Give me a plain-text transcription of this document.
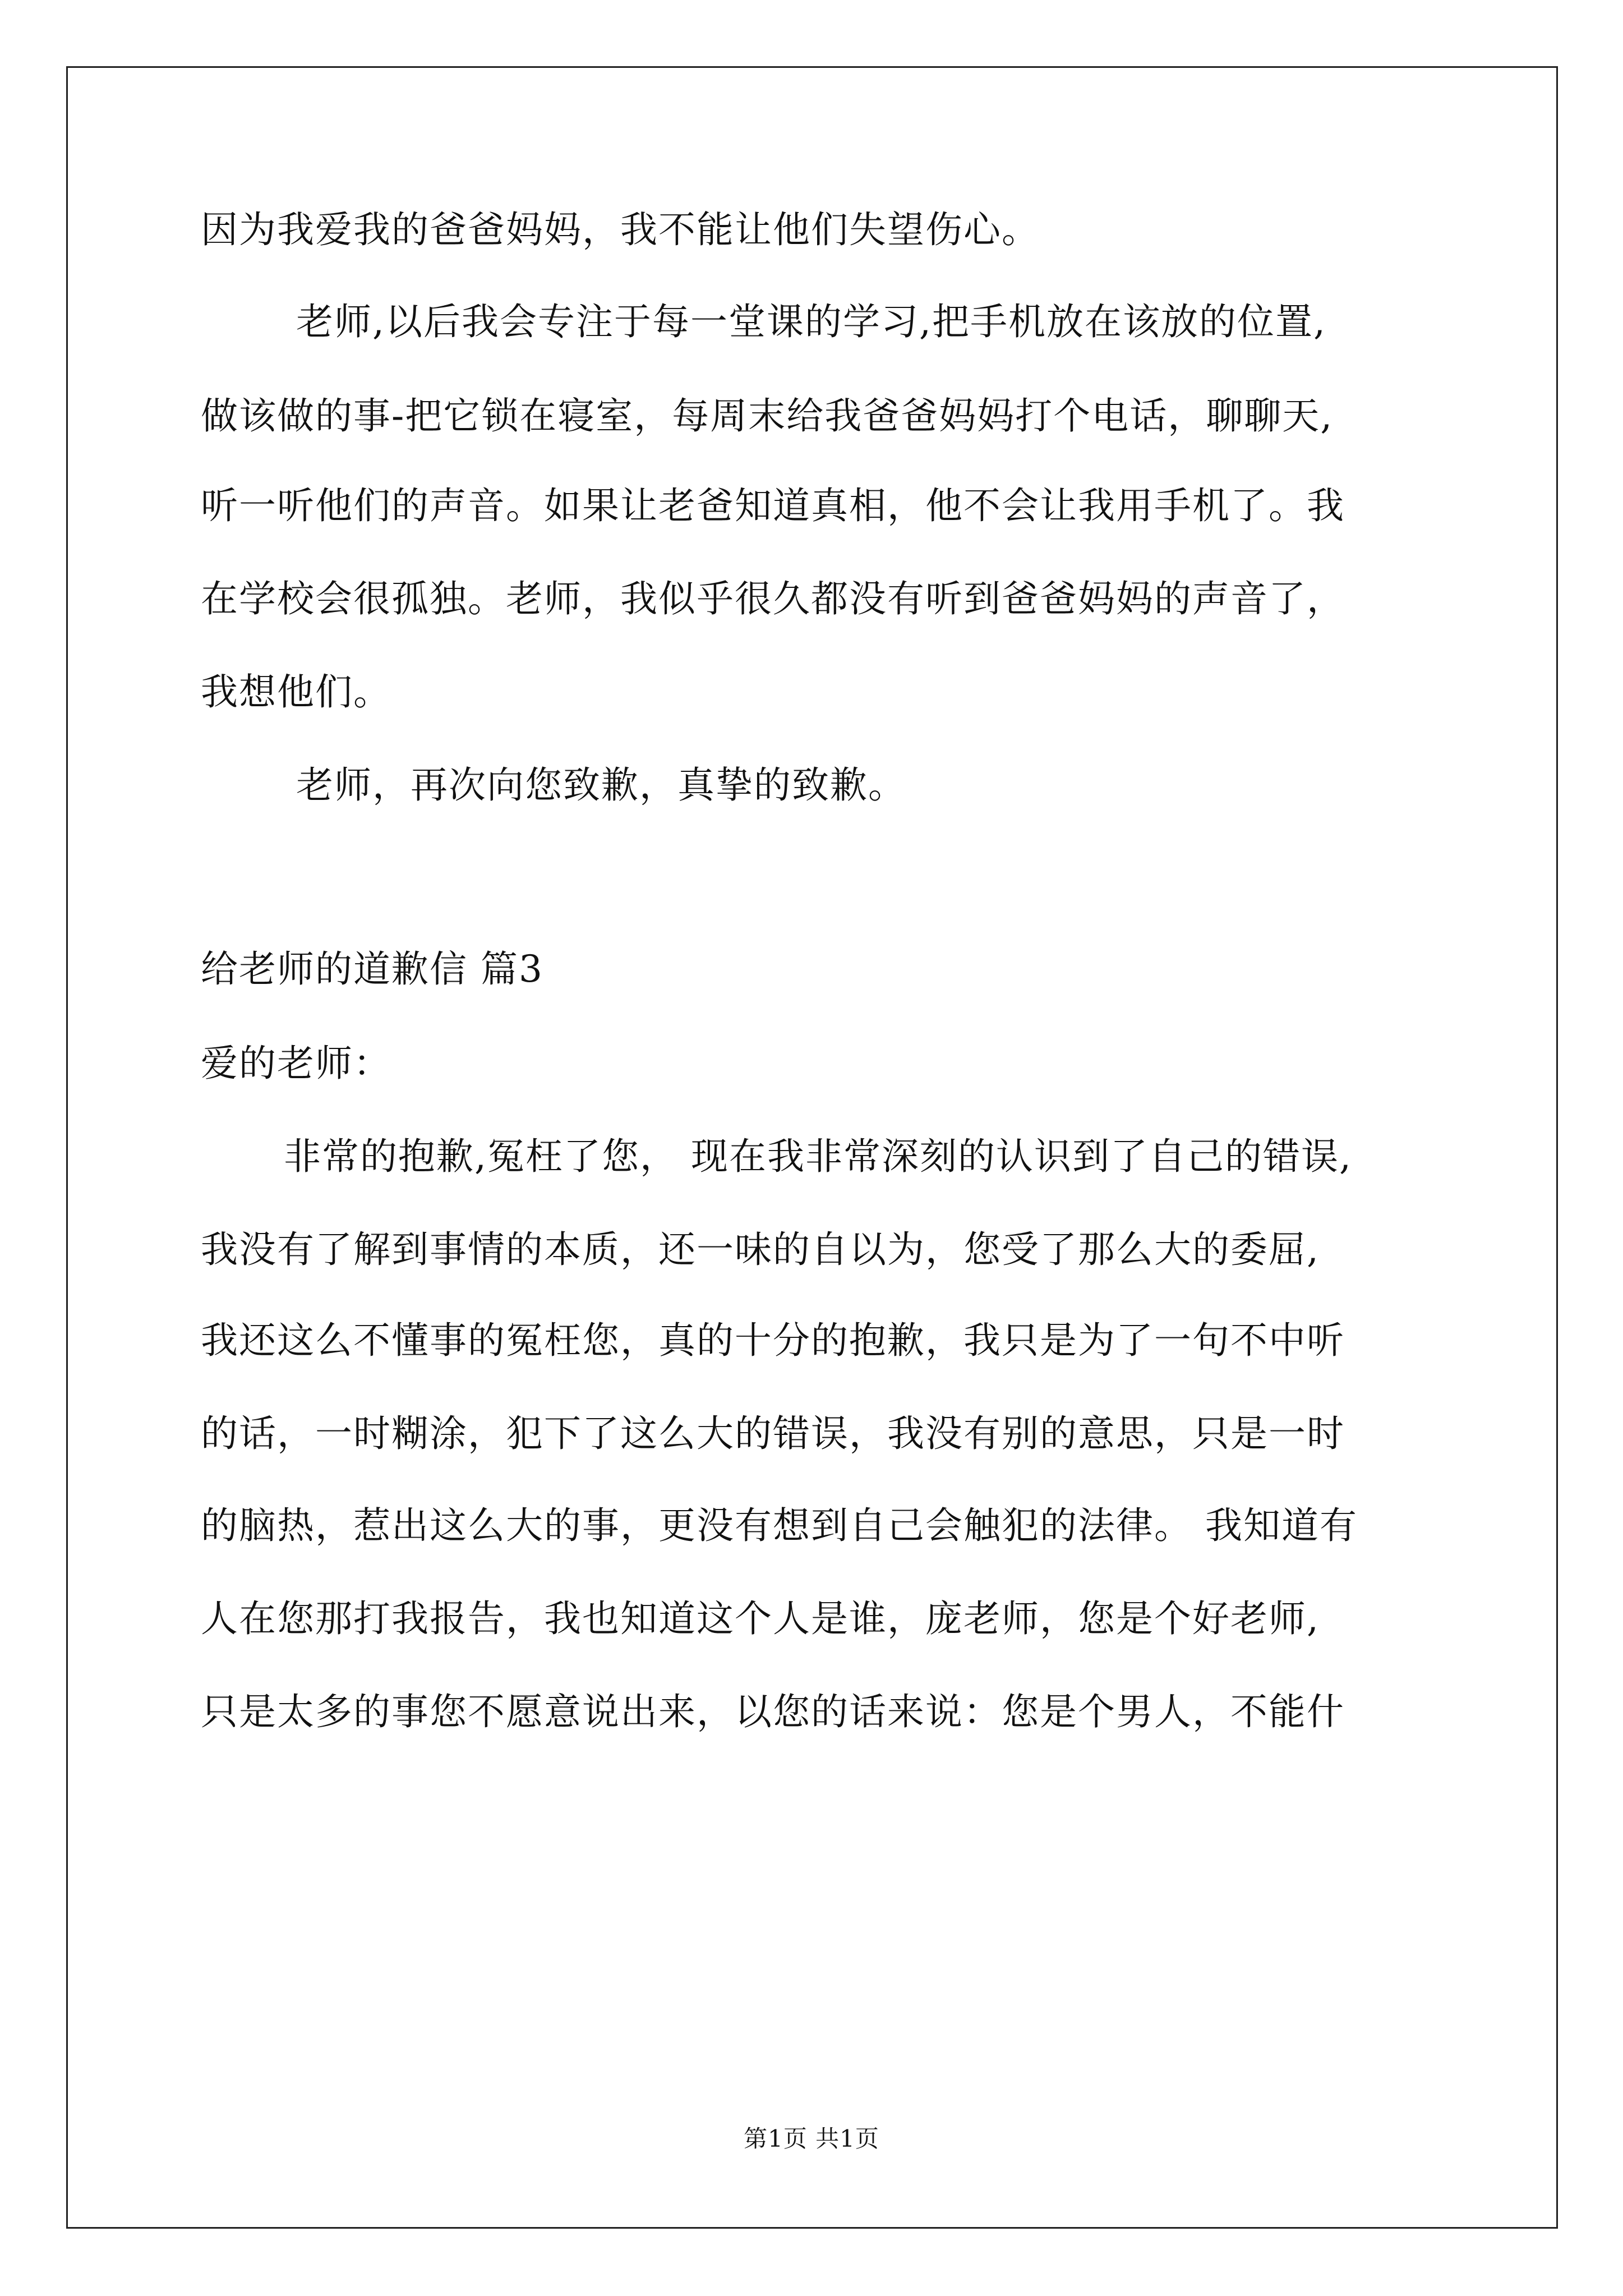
因为我爱我的爸爸妈妈，我不能让他们失望伤心。
老师,以后我会专注于每一堂课的学习,把手机放在该放的位置,
做该做的事-把它锁在寝室，每周末给我爸爸妈妈打个电话，聊聊天,
听一听他们的声音。如果让老爸知道真相，他不会让我用手机了。我
在学校会很孤独。老师，我似乎很久都没有听到爸爸妈妈的声音了，
我想他们。
老师，再次向您致歉，真挚的致歉。
给老师的道歉信 篇3
爱的老师：
非常的抱歉,冤枉了您， 现在我非常深刻的认识到了自己的错误,
我没有了解到事情的本质，还一味的自以为，您受了那么大的委屈,
我还这么不懂事的冤枉您，真的十分的抱歉，我只是为了一句不中听
的话，一时糊涂，犯下了这么大的错误，我没有别的意思，只是一时
的脑热，惹出这么大的事，更没有想到自己会触犯的法律。 我知道有
人在您那打我报告，我也知道这个人是谁，庞老师，您是个好老师,
只是太多的事您不愿意说出来，以您的话来说：您是个男人，不能什
第1页 共1页
